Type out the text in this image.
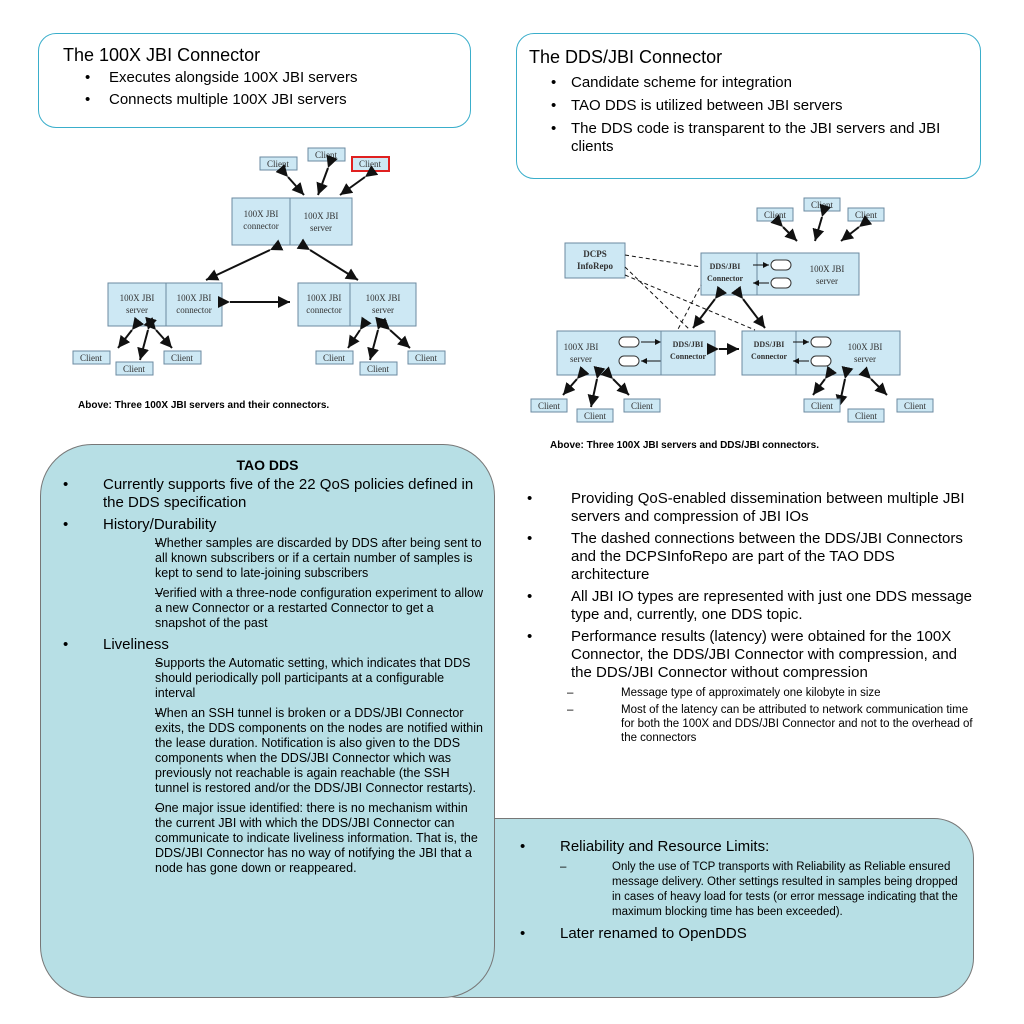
The 100X JBI Connector
• Executes alongside 100X JBI servers
• Connects multiple 100X JBI servers
The DDS/JBI Connector
• Candidate scheme for integration
• TAO DDS is utilized between JBI servers
• The DDS code is transparent to the JBI servers and JBI clients
Client
Client
Client
100X JBI
connector
100X JBI
server
100X JBI
server
100X JBI
connector
100X JBI
connector
100X JBI
server
Client
Client
Client	Client
Client
Client
Above: Three 100X JBI servers and their connectors.
Client
Client
Client
DCPS
InfoRepo	DDS/JBI
Connector
100X JBI
server
100X JBI
server
DDS/JBI
Connector
DDS/JBI
Connector
100X JBI
server
Client
Client
Client	Client
Client
Client
Above: Three 100X JBI servers and DDS/JBI connectors.
TAO DDS
• Currently supports five of the 22 QoS policies defined in the DDS specification
• History/Durability
– Whether samples are discarded by DDS after being sent to all known subscribers or if a certain number of samples is kept to send to late-joining subscribers
– Verified with a three-node configuration experiment to allow a new Connector or a restarted Connector to get a snapshot of the past
• Liveliness
– Supports the Automatic setting, which indicates that DDS should periodically poll participants at a configurable interval
– When an SSH tunnel is broken or a DDS/JBI Connector exits, the DDS components on the nodes are notified within the lease duration. Notification is also given to the DDS components when the DDS/JBI Connector which was previously not reachable is again reachable (the SSH tunnel is restored and/or the DDS/JBI Connector restarts).
– One major issue identified: there is no mechanism within the current JBI with which the DDS/JBI Connector can communicate to indicate liveliness information. That is, the DDS/JBI Connector has no way of notifying the JBI that a node has gone down or reappeared.
• Providing QoS-enabled dissemination between multiple JBI servers and compression of JBI IOs
• The dashed connections between the DDS/JBI Connectors and the DCPSInfoRepo are part of the TAO DDS architecture
• All JBI IO types are represented with just one DDS message type and, currently, one DDS topic.
• Performance results (latency) were obtained for the 100X Connector, the DDS/JBI Connector with compression, and the DDS/JBI Connector without compression
– Message type of approximately one kilobyte in size
– Most of the latency can be attributed to network communication time for both the 100X and DDS/JBI Connector and not to the overhead of the connectors
• Reliability and Resource Limits:
– Only the use of TCP transports with Reliability as Reliable ensured message delivery. Other settings resulted in samples being dropped in cases of heavy load for tests (or error message indicating that the maximum blocking time has been exceeded).
• Later renamed to OpenDDS
